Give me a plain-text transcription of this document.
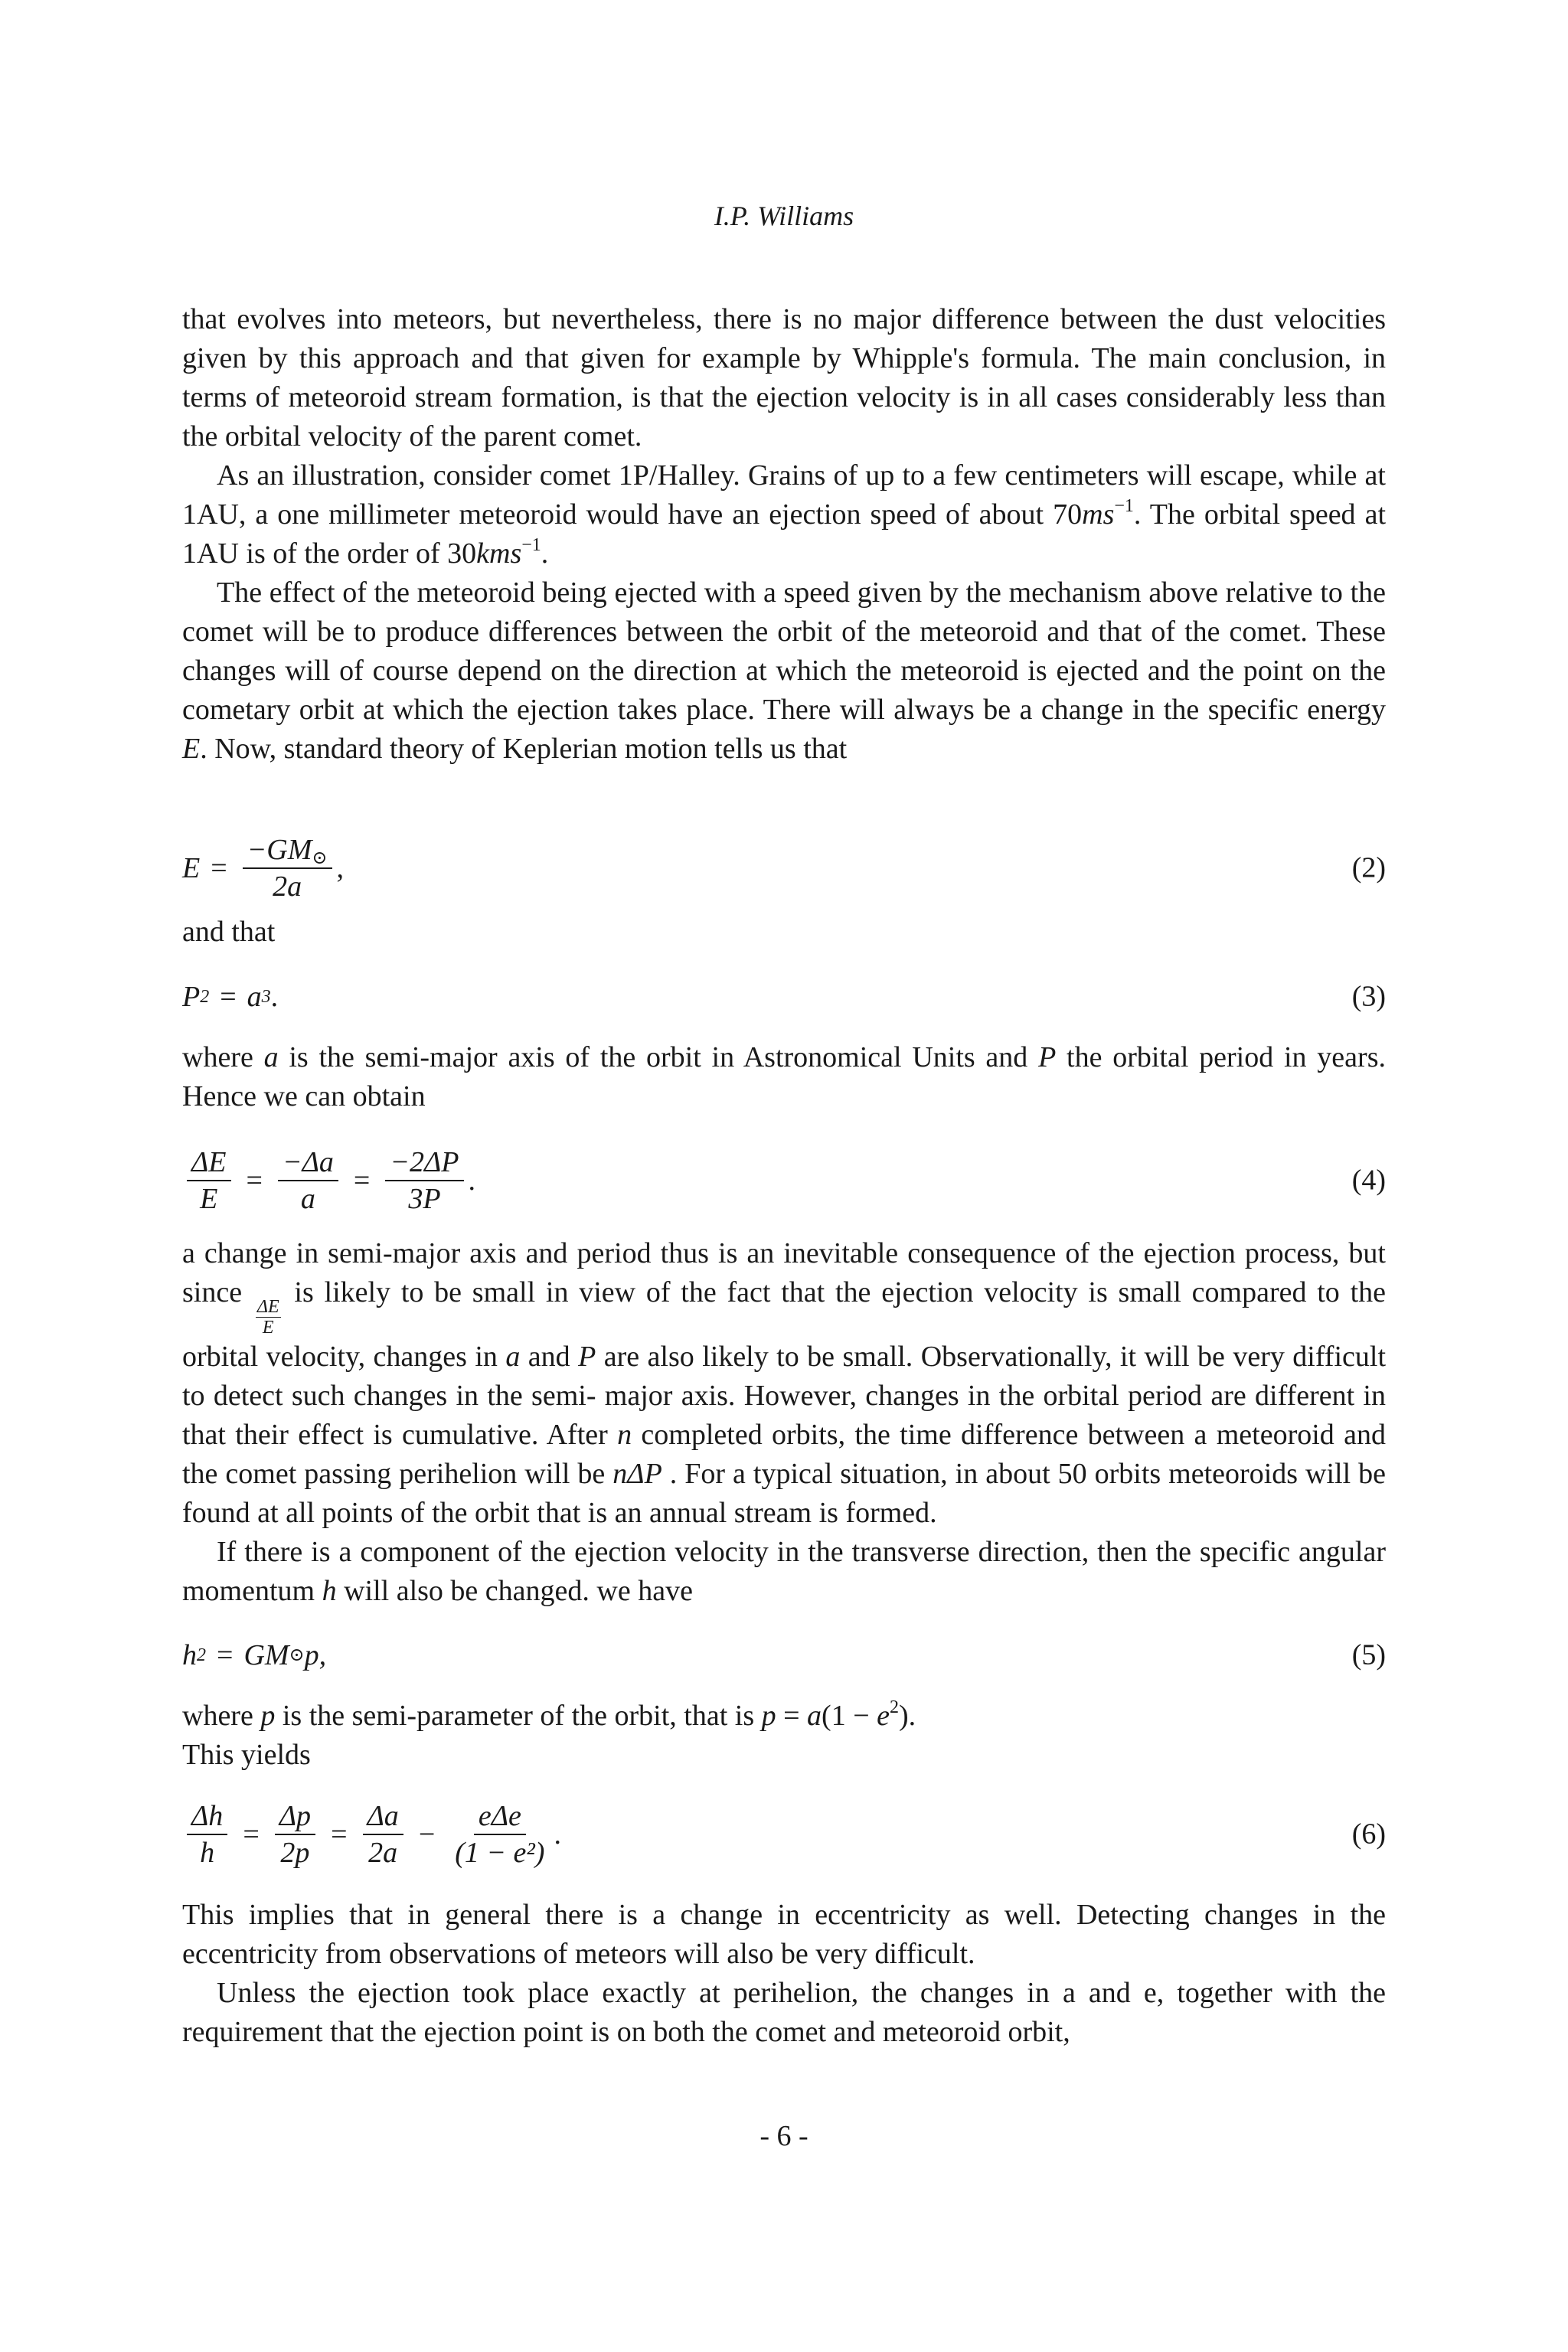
I.P. Williams

that evolves into meteors, but nevertheless, there is no major difference between the dust velocities given by this approach and that given for example by Whipple's formula. The main conclusion, in terms of meteoroid stream formation, is that the ejection velocity is in all cases considerably less than the orbital velocity of the parent comet.

As an illustration, consider comet 1P/Halley. Grains of up to a few centimeters will escape, while at 1AU, a one millimeter meteoroid would have an ejection speed of about $70ms^{-1}$. The orbital speed at 1AU is of the order of 30kms$^{-1}$.

The effect of the meteoroid being ejected with a speed given by the mechanism above relative to the comet will be to produce differences between the orbit of the meteoroid and that of the comet. These changes will of course depend on the direction at which the meteoroid is ejected and the point on the cometary orbit at which the ejection takes place. There will always be a change in the specific energy E. Now, standard theory of Keplerian motion tells us that

$E = \frac{-GM⊙}{2a}$ ,	(2)
and that
P 2 = a 3 .	(3)

where a is the semi-major axis of the orbit in Astronomical Units and P the orbital period in years. Hence we can obtain

$\frac{\Delta E}{E} = \frac{-\Delta a}{a} = \frac{-2\Delta P}{3P}$ .	(4)

a change in semi-major axis and period thus is an inevitable consequence of the ejection process, but since
$\frac{\Delta E}{E}$
is likely to be small in view of the fact that the ejection velocity is small compared to the orbital velocity, changes in a and P are also likely to be small. Observationally, it will be very difficult to detect such changes in the semi- major axis. However, changes in the orbital period are different in that their effect is cumulative. After n completed orbits, the time difference between a meteoroid and the comet passing perihelion will be nΔP . For a typical situation, in about 50 orbits meteoroids will be found at all points of the orbit that is an annual stream is formed.

If there is a component of the ejection velocity in the transverse direction, then the specific angular momentum h will also be changed. we have

h 2 = GM ⊙ p,	(5)

where p is the semi-parameter of the orbit, that is $p = a(1 - e^2)$.

This yields

$\frac{\Delta h}{h} = \frac{\Delta p}{2p} = \frac{\Delta a}{2a} - \frac{\text{eΔe}}{\text{(1 − e²)}}$ .	(6)

This implies that in general there is a change in eccentricity as well. Detecting changes in the eccentricity from observations of meteors will also be very difficult.

Unless the ejection took place exactly at perihelion, the changes in a and e, together with the requirement that the ejection point is on both the comet and meteoroid orbit,

- 6 -
